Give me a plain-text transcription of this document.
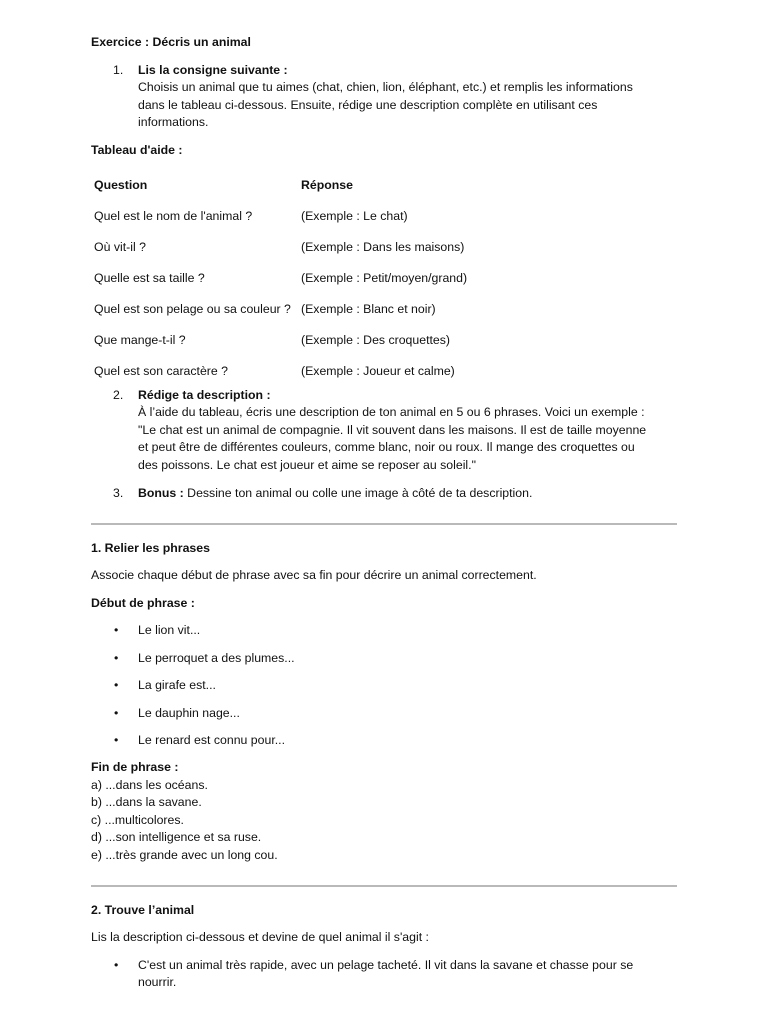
Exercice : Décris un animal
1. Lis la consigne suivante :
Choisis un animal que tu aimes (chat, chien, lion, éléphant, etc.) et remplis les informations
dans le tableau ci-dessous. Ensuite, rédige une description complète en utilisant ces
informations.
Tableau d'aide :
Question	Réponse
Quel est le nom de l'animal ?	(Exemple : Le chat)
Où vit-il ?	(Exemple : Dans les maisons)
Quelle est sa taille ?	(Exemple : Petit/moyen/grand)
Quel est son pelage ou sa couleur ?	(Exemple : Blanc et noir)
Que mange-t-il ?	(Exemple : Des croquettes)
Quel est son caractère ?	(Exemple : Joueur et calme)
2. Rédige ta description :
À l’aide du tableau, écris une description de ton animal en 5 ou 6 phrases. Voici un exemple :
"Le chat est un animal de compagnie. Il vit souvent dans les maisons. Il est de taille moyenne
et peut être de différentes couleurs, comme blanc, noir ou roux. Il mange des croquettes ou
des poissons. Le chat est joueur et aime se reposer au soleil."
3. Bonus : Dessine ton animal ou colle une image à côté de ta description.
1. Relier les phrases
Associe chaque début de phrase avec sa fin pour décrire un animal correctement.
Début de phrase :
• Le lion vit...
• Le perroquet a des plumes...
• La girafe est...
• Le dauphin nage...
• Le renard est connu pour...
Fin de phrase :
a) ...dans les océans.
b) ...dans la savane.
c) ...multicolores.
d) ...son intelligence et sa ruse.
e) ...très grande avec un long cou.
2. Trouve l’animal
Lis la description ci-dessous et devine de quel animal il s'agit :
• C'est un animal très rapide, avec un pelage tacheté. Il vit dans la savane et chasse pour se
nourrir.
